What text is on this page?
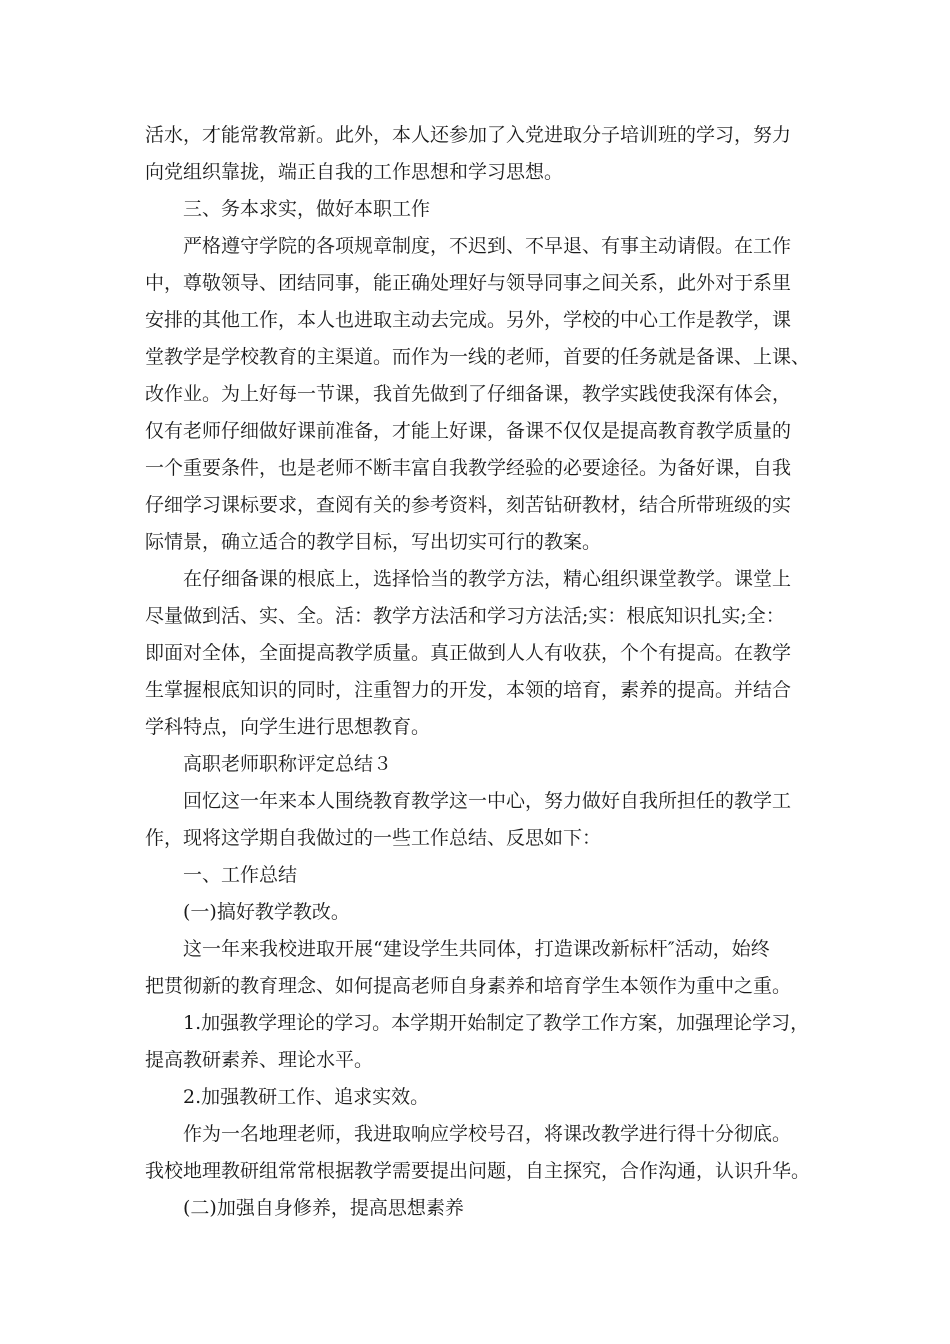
活水，才能常教常新。此外，本人还参加了入党进取分子培训班的学习，努力

向党组织靠拢，端正自我的工作思想和学习思想。

三、务本求实，做好本职工作

严格遵守学院的各项规章制度，不迟到、不早退、有事主动请假。在工作

中，尊敬领导、团结同事，能正确处理好与领导同事之间关系，此外对于系里

安排的其他工作，本人也进取主动去完成。另外，学校的中心工作是教学，课

堂教学是学校教育的主渠道。而作为一线的老师，首要的任务就是备课、上课、

改作业。为上好每一节课，我首先做到了仔细备课，教学实践使我深有体会，

仅有老师仔细做好课前准备，才能上好课，备课不仅仅是提高教育教学质量的

一个重要条件，也是老师不断丰富自我教学经验的必要途径。为备好课，自我

仔细学习课标要求，查阅有关的参考资料，刻苦钻研教材，结合所带班级的实

际情景，确立适合的教学目标，写出切实可行的教案。

在仔细备课的根底上，选择恰当的教学方法，精心组织课堂教学。课堂上

尽量做到活、实、全。活：教学方法活和学习方法活;实：根底知识扎实;全：

即面对全体，全面提高教学质量。真正做到人人有收获，个个有提高。在教学

生掌握根底知识的同时，注重智力的开发，本领的培育，素养的提高。并结合

学科特点，向学生进行思想教育。

高职老师职称评定总结３

回忆这一年来本人围绕教育教学这一中心，努力做好自我所担任的教学工

作，现将这学期自我做过的一些工作总结、反思如下：

一、工作总结

(一)搞好教学教改。

这一年来我校进取开展“建设学生共同体，打造课改新标杆″活动，始终

把贯彻新的教育理念、如何提高老师自身素养和培育学生本领作为重中之重。

1.加强教学理论的学习。本学期开始制定了教学工作方案，加强理论学习，

提高教研素养、理论水平。

2.加强教研工作、追求实效。

作为一名地理老师，我进取响应学校号召，将课改教学进行得十分彻底。

我校地理教研组常常根据教学需要提出问题，自主探究，合作沟通，认识升华。

(二)加强自身修养，提高思想素养
